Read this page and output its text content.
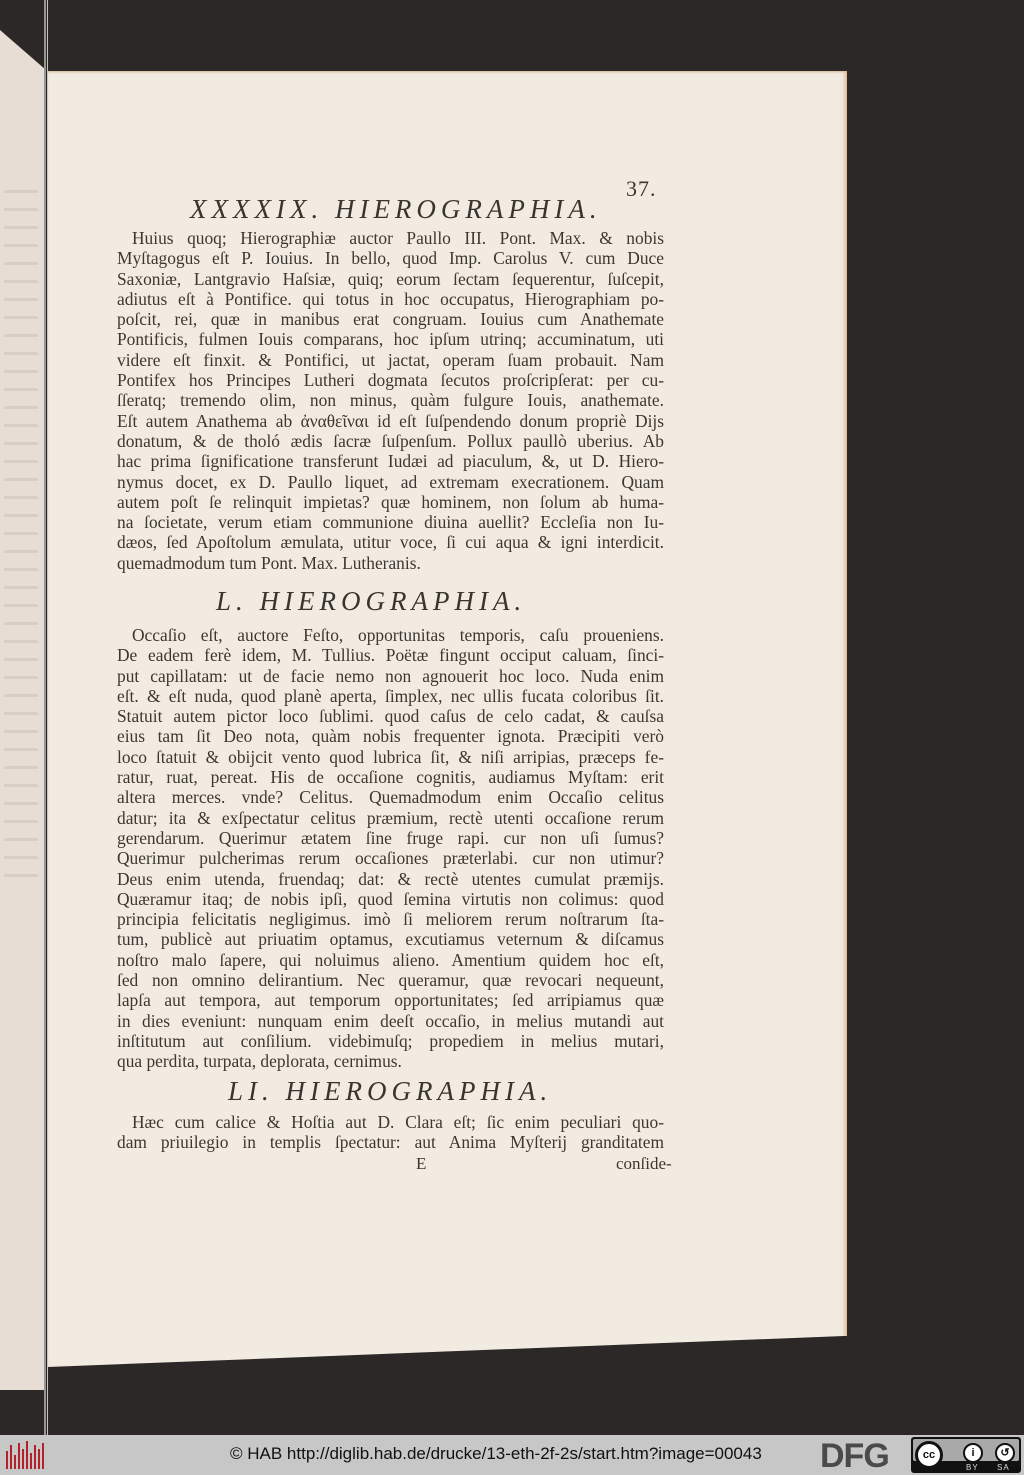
37.
XXXXIX. HIEROGRAPHIA.
Huius quoq; Hierographiæ auctor Paullo III. Pont. Max. & nobis
Myſtagogus eſt P. Iouius. In bello, quod Imp. Carolus V. cum Duce
Saxoniæ, Lantgravio Haſsiæ, quiq; eorum ſectam ſequerentur, ſuſcepit,
adiutus eſt à Pontifice. qui totus in hoc occupatus, Hierographiam po-
poſcit, rei, quæ in manibus erat congruam. Iouius cum Anathemate
Pontificis, fulmen Iouis comparans, hoc ipſum utrinq; accuminatum, uti
videre eſt finxit. & Pontifici, ut jactat, operam ſuam probauit. Nam
Pontifex hos Principes Lutheri dogmata ſecutos proſcripſerat: per cu-
ſſeratq; tremendo olim, non minus, quàm fulgure Iouis, anathemate.
Eſt autem Anathema ab ἀναθεῖναι id eſt ſuſpendendo donum propriè Dijs
donatum, & de tholó ædis ſacræ ſuſpenſum. Pollux paullò uberius. Ab
hac prima ſignificatione transferunt Iudæi ad piaculum, &, ut D. Hiero-
nymus docet, ex D. Paullo liquet, ad extremam execrationem. Quam
autem poſt ſe relinquit impietas? quæ hominem, non ſolum ab huma-
na ſocietate, verum etiam communione diuina auellit? Eccleſia non Iu-
dæos, ſed Apoſtolum æmulata, utitur voce, ſi cui aqua & igni interdicit.
quemadmodum tum Pont. Max. Lutheranis.
L. HIEROGRAPHIA.
Occaſio eſt, auctore Feſto, opportunitas temporis, caſu proueniens.
De eadem ferè idem, M. Tullius. Poëtæ fingunt occiput caluam, ſinci-
put capillatam: ut de facie nemo non agnouerit hoc loco. Nuda enim
eſt. & eſt nuda, quod planè aperta, ſimplex, nec ullis fucata coloribus ſit.
Statuit autem pictor loco ſublimi. quod caſus de celo cadat, & cauſsa
eius tam ſit Deo nota, quàm nobis frequenter ignota. Præcipiti verò
loco ſtatuit & obijcit vento quod lubrica ſit, & niſi arripias, præceps fe-
ratur, ruat, pereat. His de occaſione cognitis, audiamus Myſtam: erit
altera merces. vnde? Celitus. Quemadmodum enim Occaſio celitus
datur; ita & exſpectatur celitus præmium, rectè utenti occaſione rerum
gerendarum. Querimur ætatem ſine fruge rapi. cur non uſi ſumus?
Querimur pulcherimas rerum occaſiones præterlabi. cur non utimur?
Deus enim utenda, fruendaq; dat: & rectè utentes cumulat præmijs.
Quæramur itaq; de nobis ipſi, quod ſemina virtutis non colimus: quod
principia felicitatis negligimus. imò ſi meliorem rerum noſtrarum ſta-
tum, publicè aut priuatim optamus, excutiamus veternum & diſcamus
noſtro malo ſapere, qui noluimus alieno. Amentium quidem hoc eſt,
ſed non omnino delirantium. Nec queramur, quæ revocari nequeunt,
lapſa aut tempora, aut temporum opportunitates; ſed arripiamus quæ
in dies eveniunt: nunquam enim deeſt occaſio, in melius mutandi aut
inſtitutum aut conſilium. videbimuſq; propediem in melius mutari,
qua perdita, turpata, deplorata, cernimus.
LI. HIEROGRAPHIA.
Hæc cum calice & Hoſtia aut D. Clara eſt; ſic enim peculiari quo-
dam priuilegio in templis ſpectatur: aut Anima Myſterij granditatem
E	conſide-
© HAB http://diglib.hab.de/drucke/13-eth-2f-2s/start.htm?image=00043 DFG	cc	i	↺
BY SA
